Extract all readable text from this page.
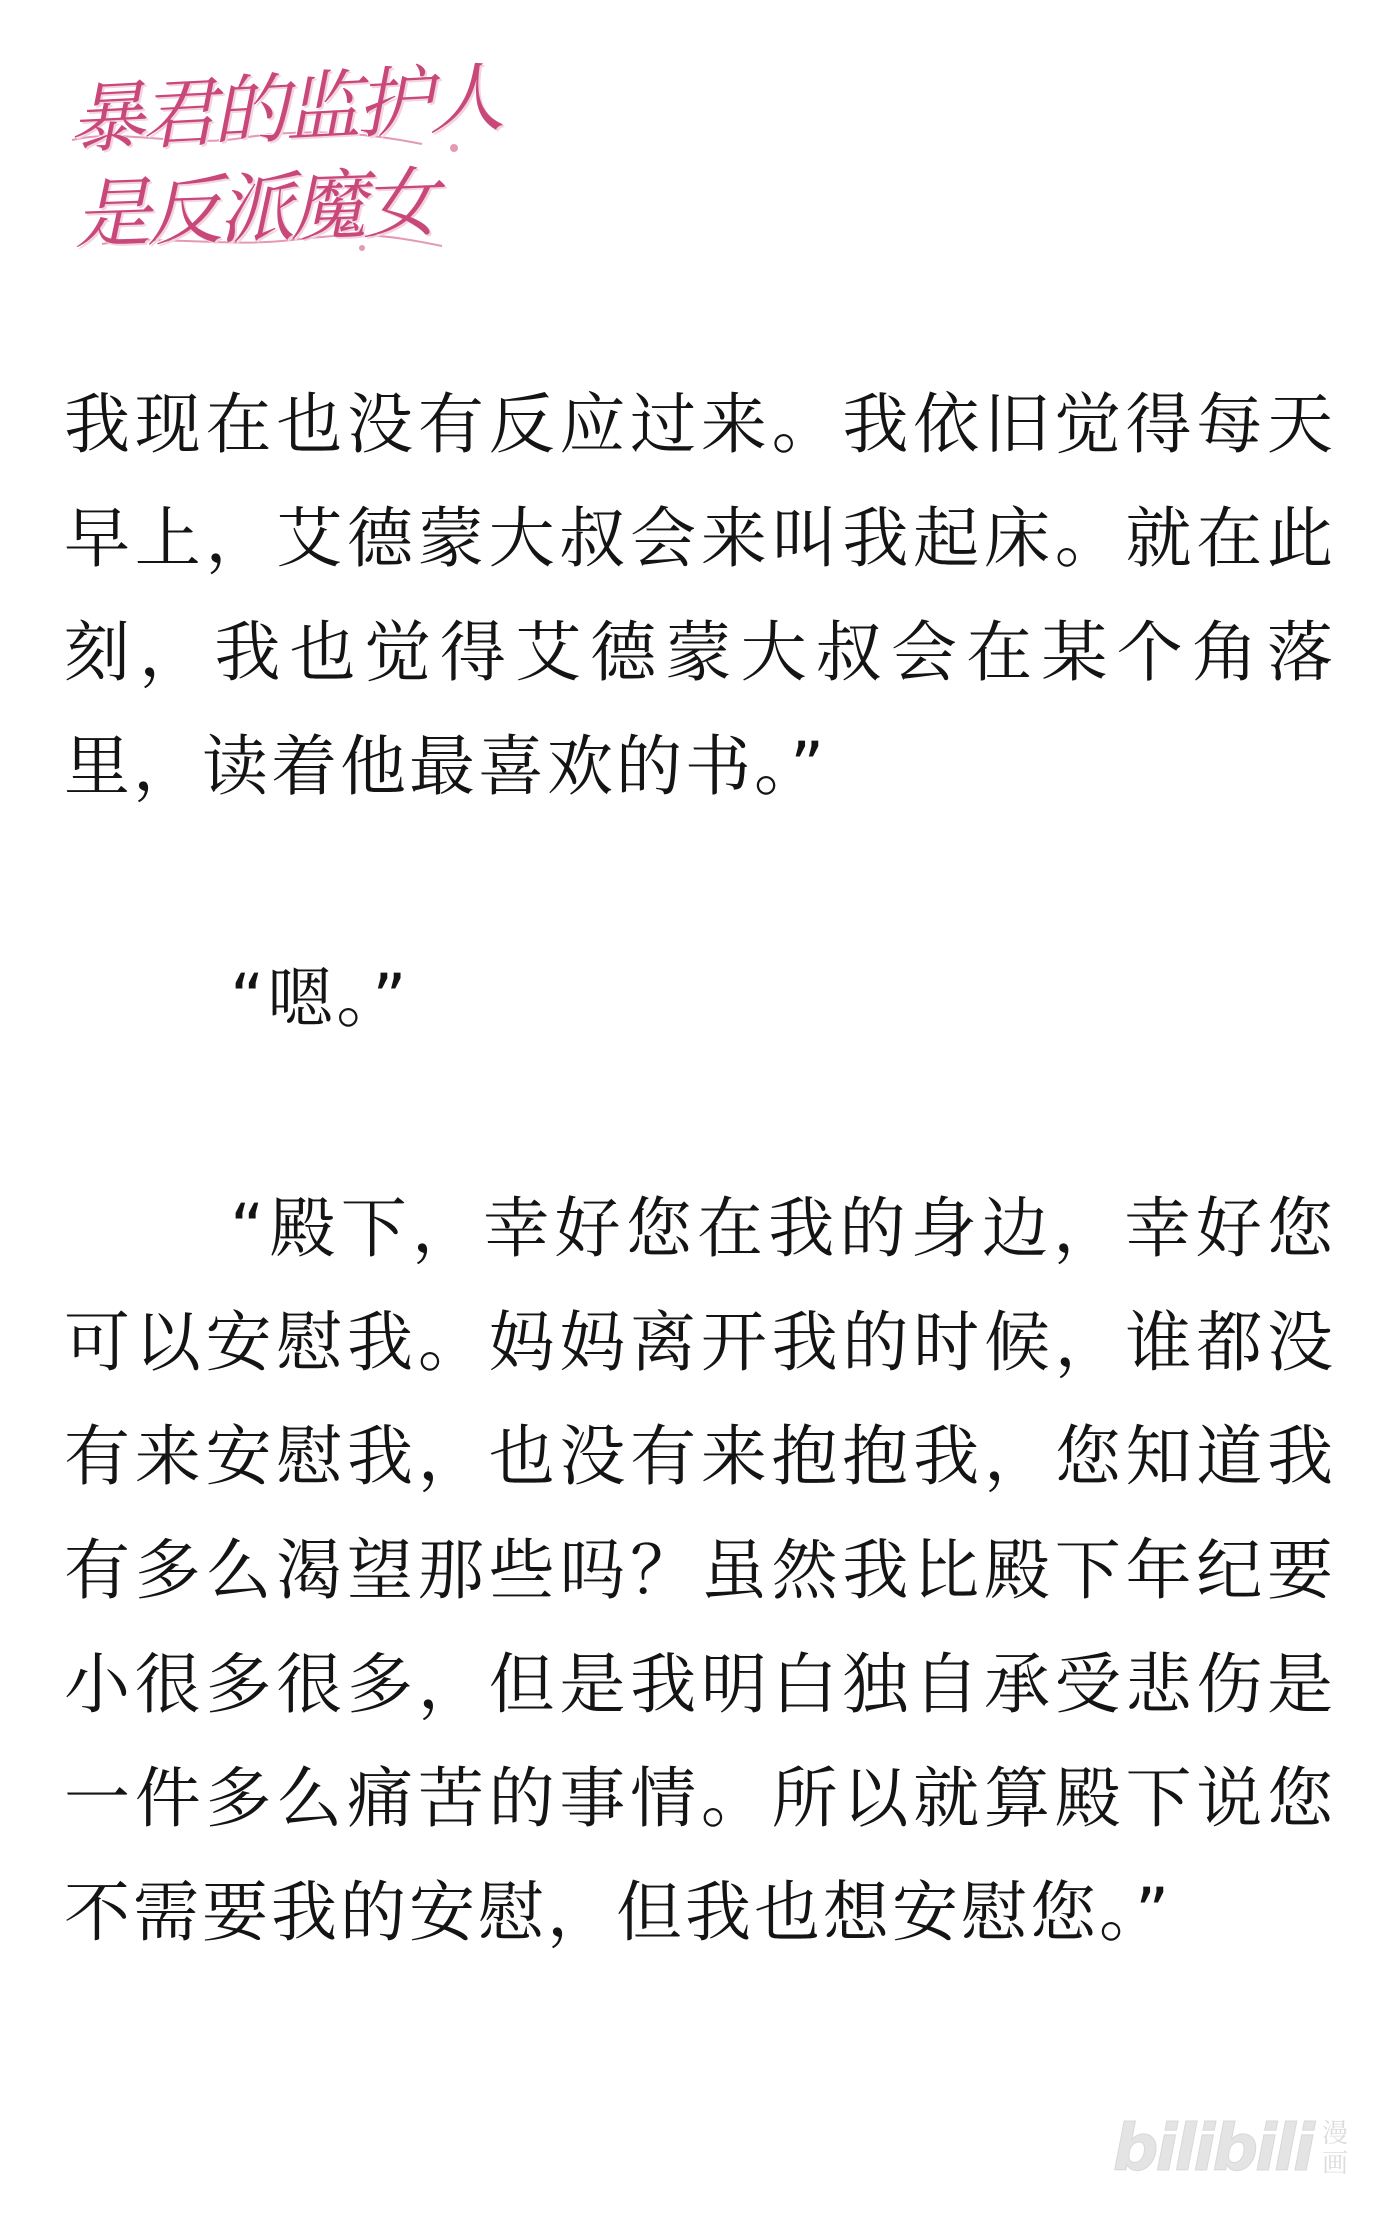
暴君的监护人
是反派魔女

我现在也没有反应过来。我依旧觉得每天早上，艾德蒙大叔会来叫我起床。就在此刻，我也觉得艾德蒙大叔会在某个角落里，读着他最喜欢的书。”

“嗯。”

“殿下，幸好您在我的身边，幸好您可以安慰我。妈妈离开我的时候，谁都没有来安慰我，也没有来抱抱我，您知道我有多么渴望那些吗？虽然我比殿下年纪要小很多很多，但是我明白独自承受悲伤是一件多么痛苦的事情。所以就算殿下说您不需要我的安慰，但我也想安慰您。”

bilibili 漫
画
